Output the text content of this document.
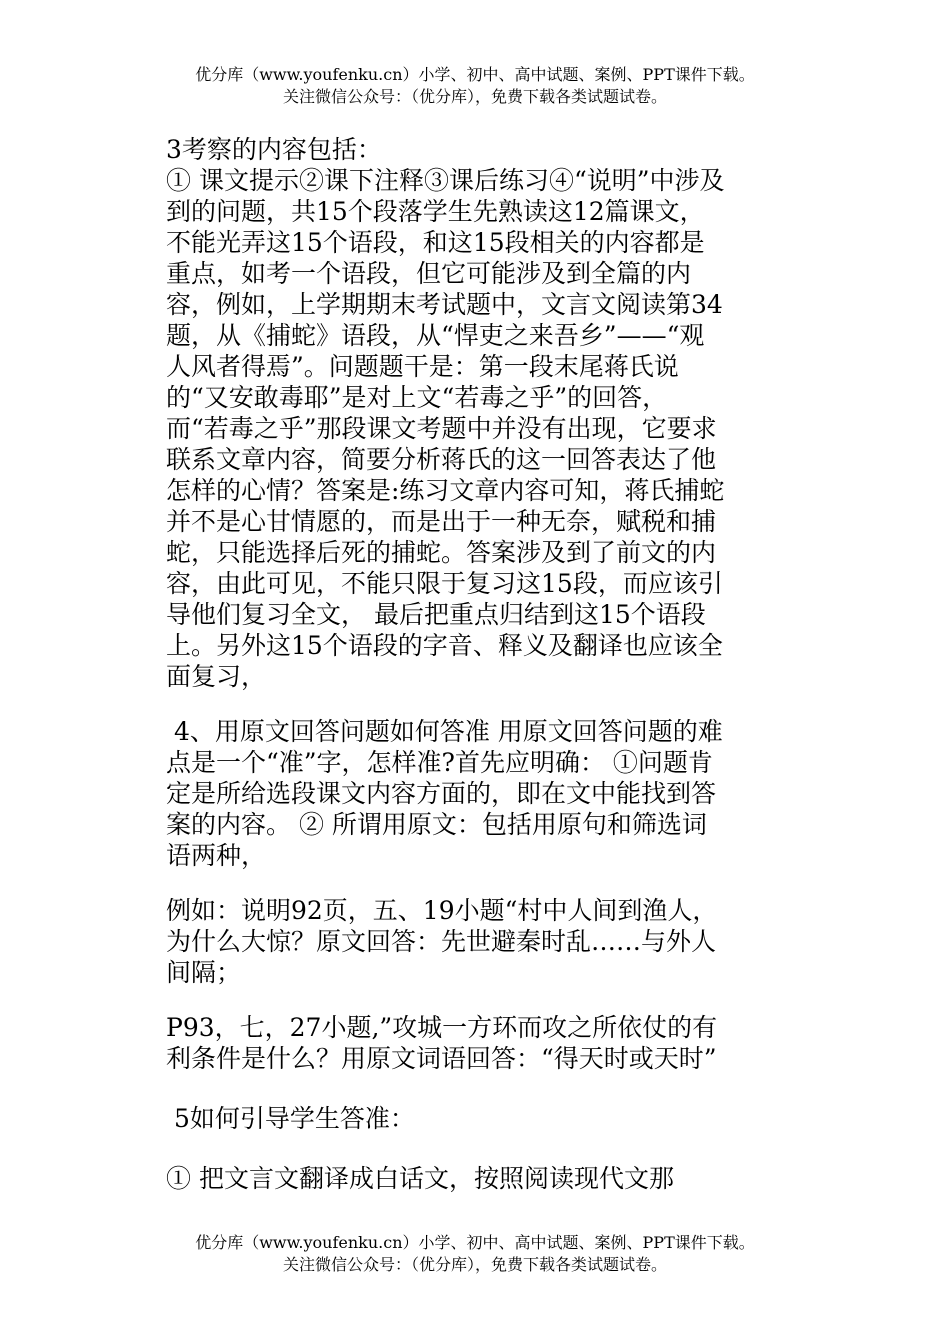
优分库（www.youfenku.cn）小学、初中、高中试题、案例、PPT课件下载。
关注微信公众号：（优分库），免费下载各类试题试卷。

3考察的内容包括：

① 课文提示②课下注释③课后练习④“说明”中涉及到的问题，共15个段落学生先熟读这12篇课文，不能光弄这15个语段，和这15段相关的内容都是重点，如考一个语段，但它可能涉及到全篇的内容，例如，上学期期末考试题中，文言文阅读第34题，从《捕蛇》语段，从“悍吏之来吾乡”——“观人风者得焉”。问题题干是：第一段末尾蒋氏说的“又安敢毒耶”是对上文“若毒之乎”的回答，而“若毒之乎”那段课文考题中并没有出现，它要求联系文章内容，简要分析蒋氏的这一回答表达了他怎样的心情？答案是:练习文章内容可知，蒋氏捕蛇并不是心甘情愿的，而是出于一种无奈，赋税和捕蛇，只能选择后死的捕蛇。答案涉及到了前文的内容，由此可见，不能只限于复习这15段，而应该引导他们复习全文， 最后把重点归结到这15个语段上。另外这15个语段的字音、释义及翻译也应该全面复习，

4、用原文回答问题如何答准 用原文回答问题的难点是一个“准”字，怎样准?首先应明确： ①问题肯定是所给选段课文内容方面的，即在文中能找到答案的内容。 ② 所谓用原文：包括用原句和筛选词语两种，

例如：说明92页，五、19小题“村中人间到渔人，为什么大惊？原文回答：先世避秦时乱……与外人间隔；

P93，七，27小题,”攻城一方环而攻之所依仗的有利条件是什么？用原文词语回答：“得天时或天时”

5如何引导学生答准：

① 把文言文翻译成白话文，按照阅读现代文那

优分库（www.youfenku.cn）小学、初中、高中试题、案例、PPT课件下载。
关注微信公众号：（优分库），免费下载各类试题试卷。
